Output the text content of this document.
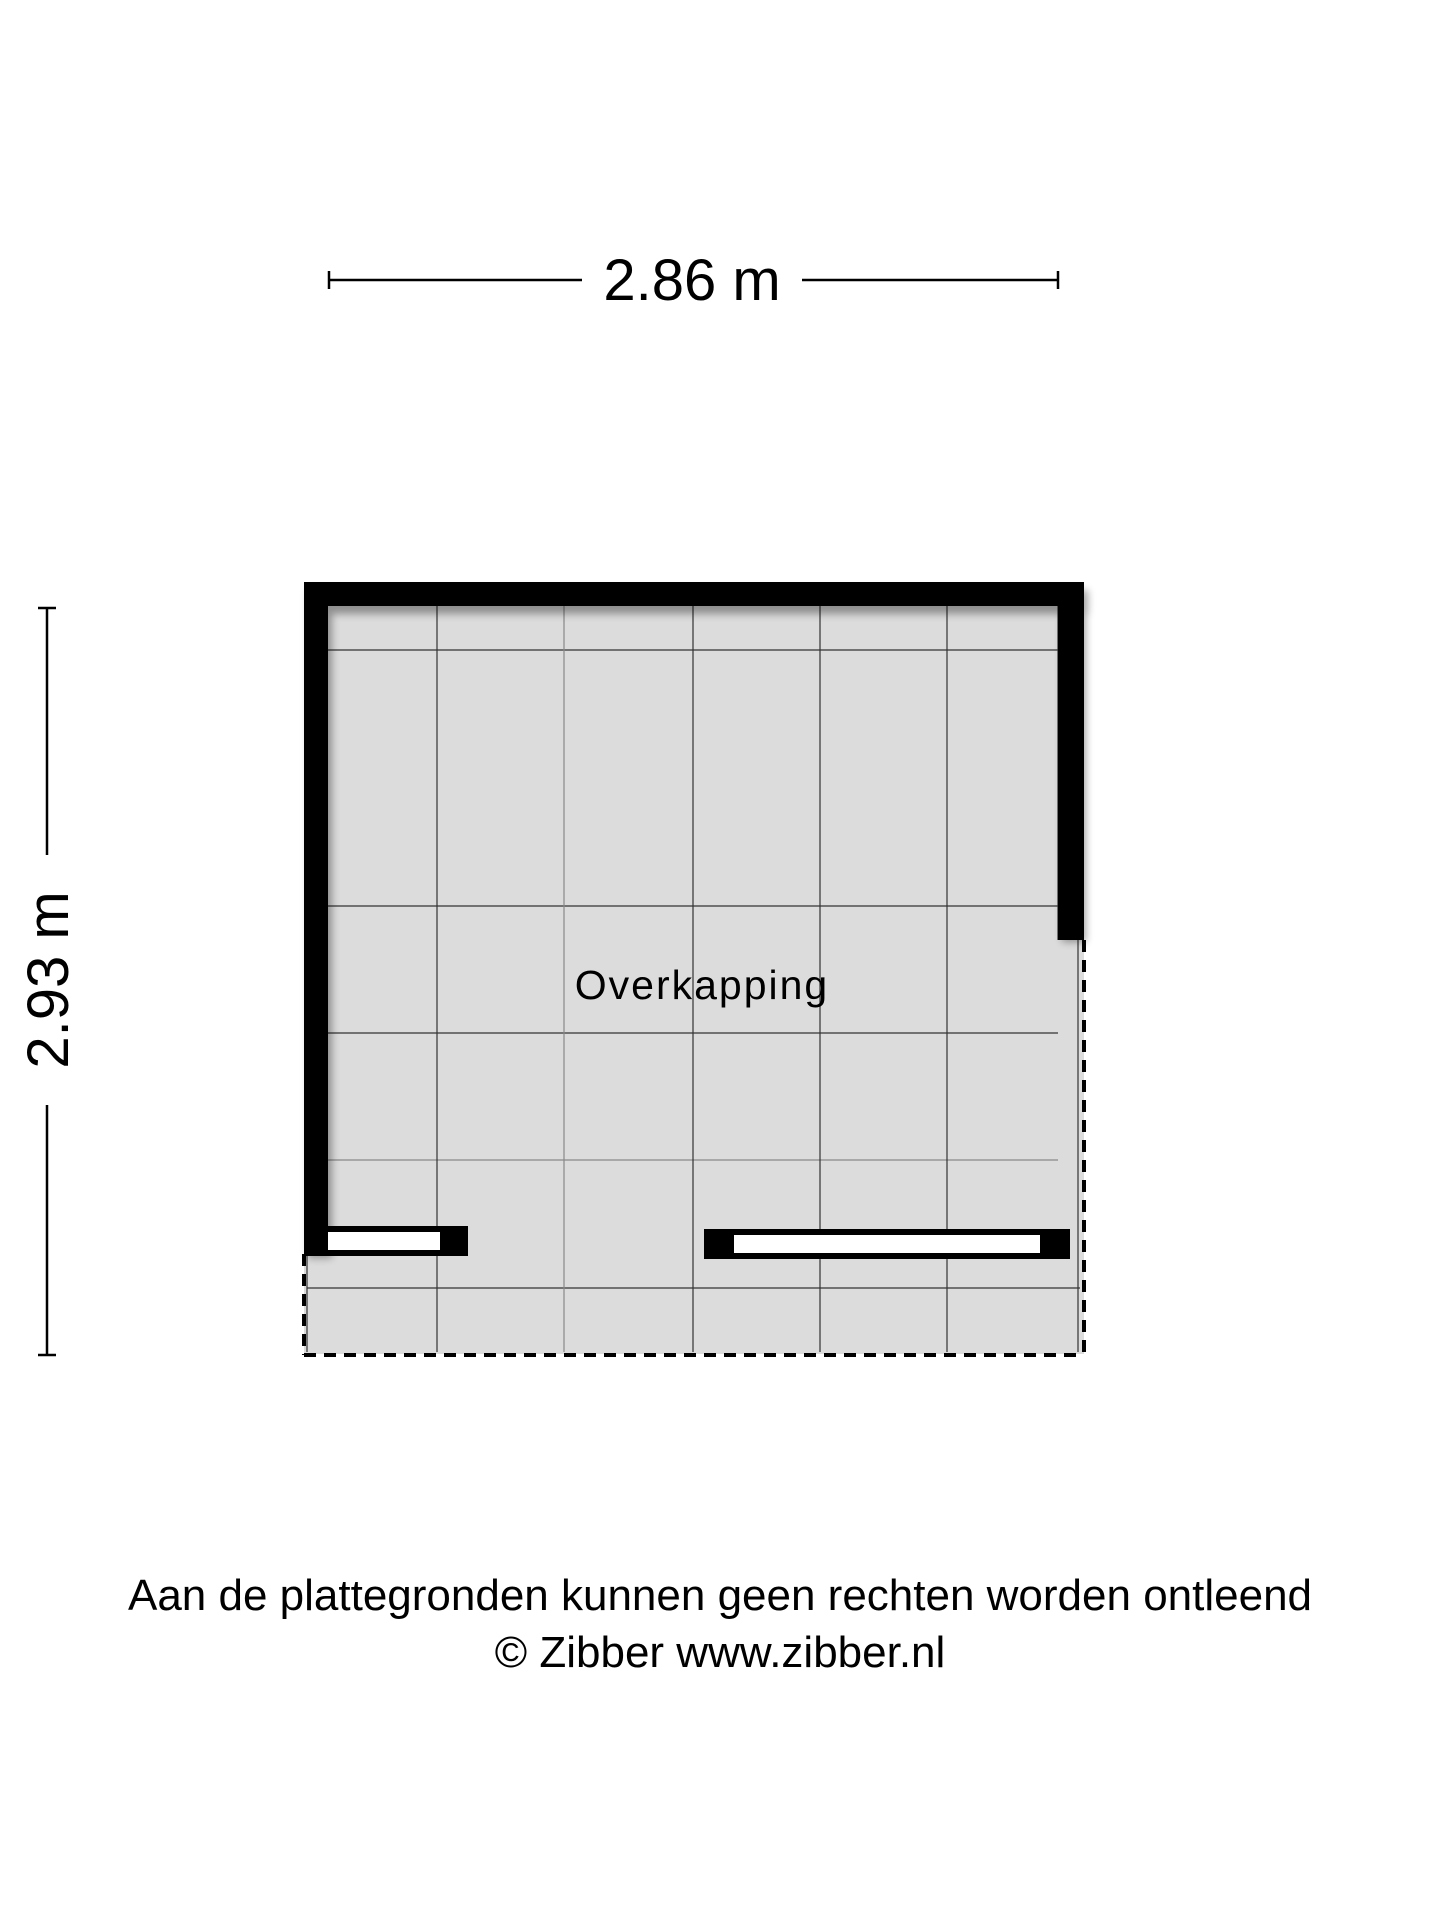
2.86 m
2.93 m	Overkapping
Aan de plattegronden kunnen geen rechten worden ontleend
© Zibber www.zibber.nl
